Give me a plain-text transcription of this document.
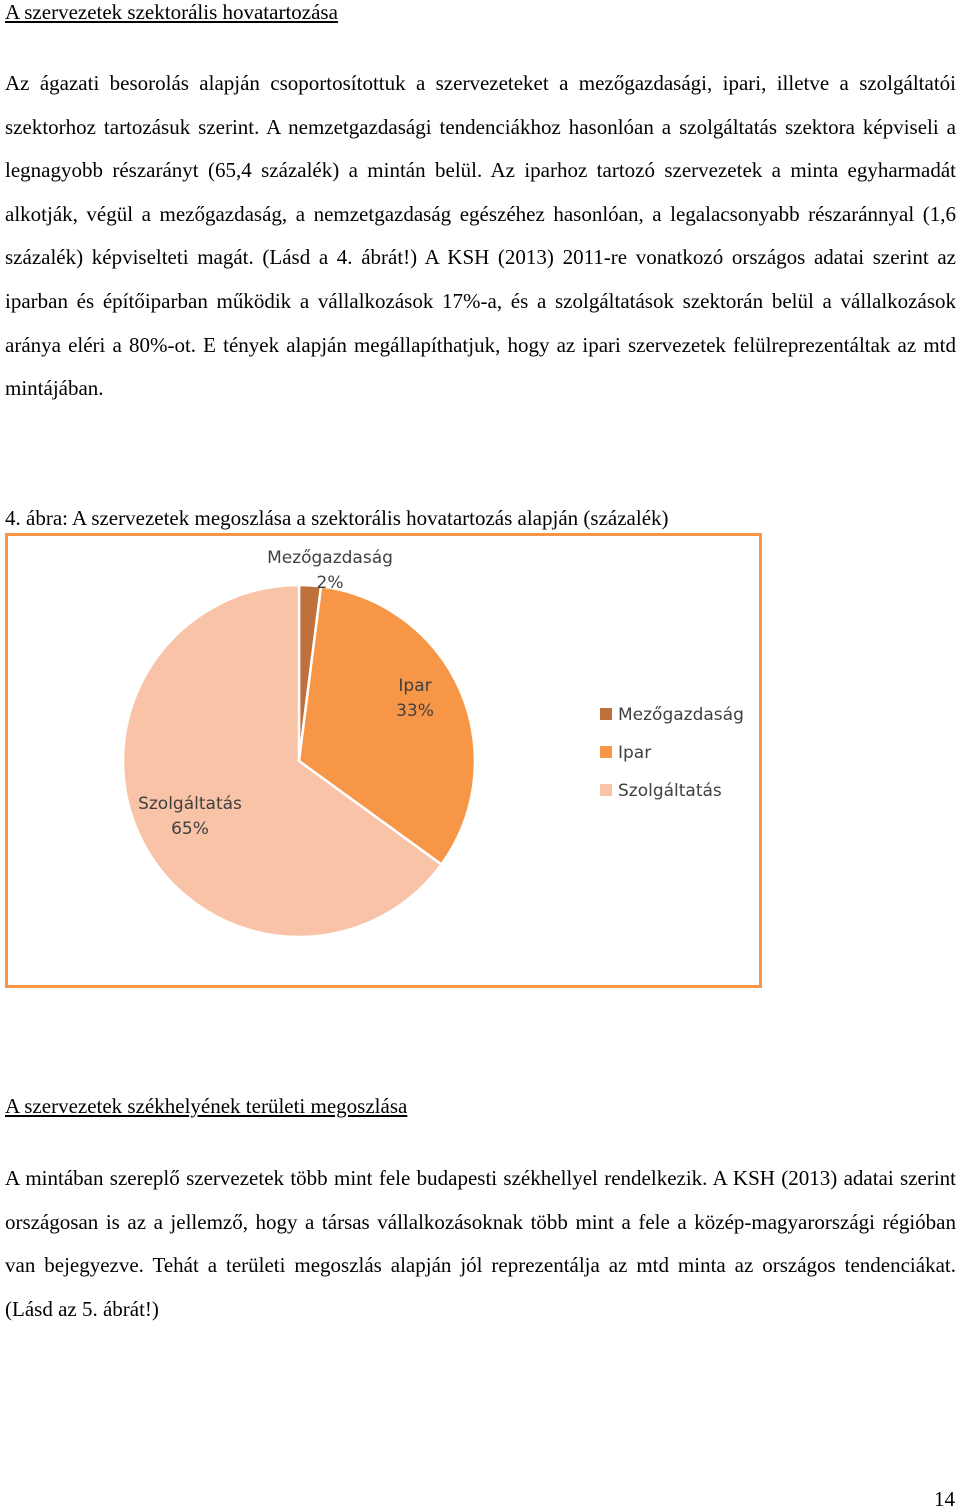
A szervezetek szektorális hovatartozása

Az ágazati besorolás alapján csoportosítottuk a szervezeteket a mezőgazdasági, ipari, illetve a szolgáltatói szektorhoz tartozásuk szerint. A nemzetgazdasági tendenciákhoz hasonlóan a szolgáltatás szektora képviseli a legnagyobb részarányt (65,4 százalék) a mintán belül. Az iparhoz tartozó szervezetek a minta egyharmadát alkotják, végül a mezőgazdaság, a nemzetgazdaság egészéhez hasonlóan, a legalacsonyabb részaránnyal (1,6 százalék) képviselteti magát. (Lásd a 4. ábrát!) A KSH (2013) 2011-re vonatkozó országos adatai szerint az iparban és építőiparban működik a vállalkozások 17%-a, és a szolgáltatások szektorán belül a vállalkozások aránya eléri a 80%-ot. E tények alapján megállapíthatjuk, hogy az ipari szervezetek felülreprezentáltak az mtd mintájában.

4. ábra: A szervezetek megoszlása a szektorális hovatartozás alapján (százalék)

Mezőgazdaság
2%
Ipar
33%
Szolgáltatás
65%
Mezőgazdaság
Ipar
Szolgáltatás
A szervezetek székhelyének területi megoszlása

A mintában szereplő szervezetek több mint fele budapesti székhellyel rendelkezik. A KSH (2013) adatai szerint országosan is az a jellemző, hogy a társas vállalkozásoknak több mint a fele a közép-magyarországi régióban van bejegyezve. Tehát a területi megoszlás alapján jól reprezentálja az mtd minta az országos tendenciákat. (Lásd az 5. ábrát!)

14
